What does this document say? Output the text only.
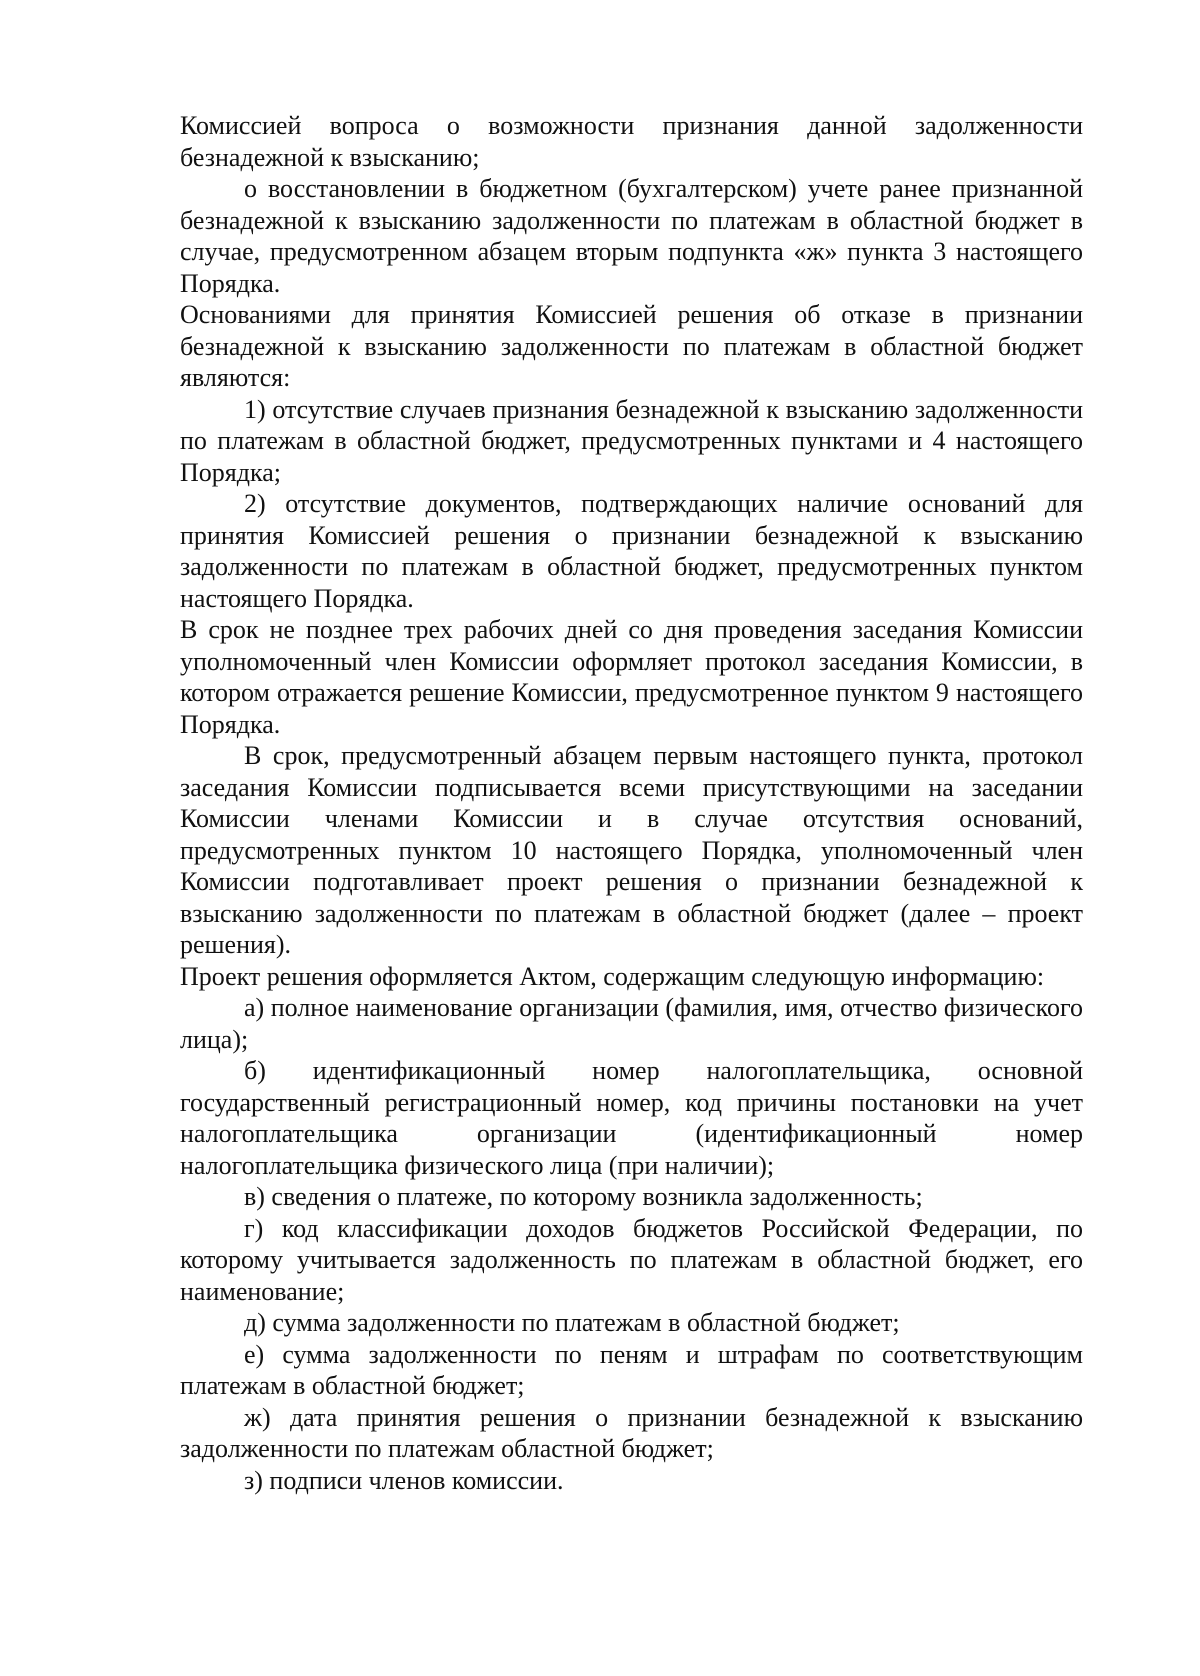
Комиссией вопроса о возможности признания данной задолженности безнадежной к взысканию;

о восстановлении в бюджетном (бухгалтерском) учете ранее признанной безнадежной к взысканию задолженности по платежам в областной бюджет в случае, предусмотренном абзацем вторым подпункта «ж» пункта 3 настоящего Порядка.

Основаниями для принятия Комиссией решения об отказе в признании безнадежной к взысканию задолженности по платежам в областной бюджет являются:

1) отсутствие случаев признания безнадежной к взысканию задолженности по платежам в областной бюджет, предусмотренных пунктами и 4 настоящего Порядка;

2) отсутствие документов, подтверждающих наличие оснований для принятия Комиссией решения о признании безнадежной к взысканию задолженности по платежам в областной бюджет, предусмотренных пунктом настоящего Порядка.

В срок не позднее трех рабочих дней со дня проведения заседания Комиссии уполномоченный член Комиссии оформляет протокол заседания Комиссии, в котором отражается решение Комиссии, предусмотренное пунктом 9 настоящего Порядка.

В срок, предусмотренный абзацем первым настоящего пункта, протокол заседания Комиссии подписывается всеми присутствующими на заседании Комиссии членами Комиссии и в случае отсутствия оснований, предусмотренных пунктом 10 настоящего Порядка, уполномоченный член Комиссии подготавливает проект решения о признании безнадежной к взысканию задолженности по платежам в областной бюджет (далее – проект решения).

Проект решения оформляется Актом, содержащим следующую информацию:

а) полное наименование организации (фамилия, имя, отчество физического лица);

б) идентификационный номер налогоплательщика, основной государственный регистрационный номер, код причины постановки на учет налогоплательщика организации (идентификационный номер налогоплательщика физического лица (при наличии);

в) сведения о платеже, по которому возникла задолженность;

г) код классификации доходов бюджетов Российской Федерации, по которому учитывается задолженность по платежам в областной бюджет, его наименование;

д) сумма задолженности по платежам в областной бюджет;

е) сумма задолженности по пеням и штрафам по соответствующим платежам в областной бюджет;

ж) дата принятия решения о признании безнадежной к взысканию задолженности по платежам областной бюджет;

з) подписи членов комиссии.
